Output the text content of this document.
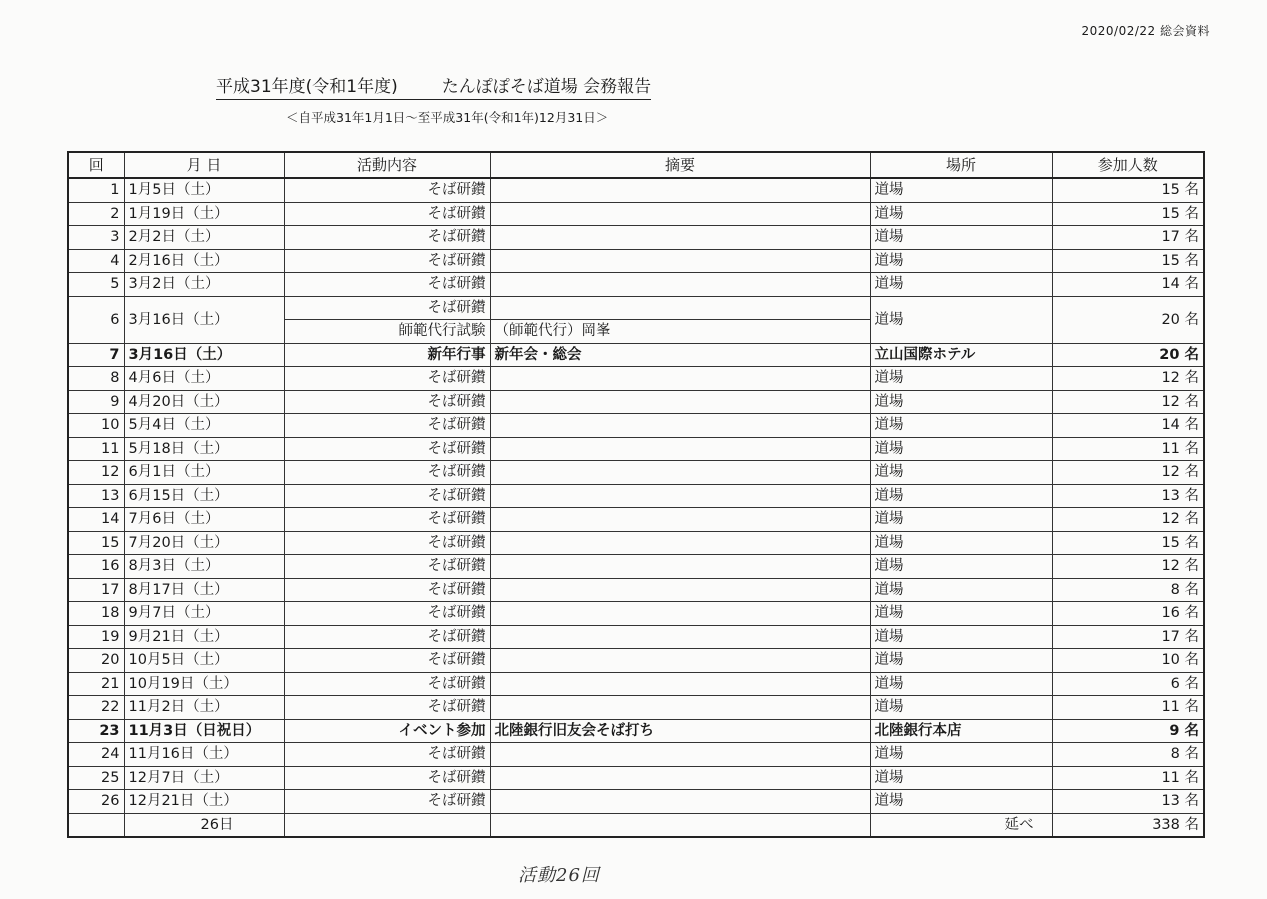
2020/02/22 総会資料
平成31年度(令和1年度)	たんぽぽそば道場 会務報告
＜自平成31年1月1日～至平成31年(令和1年)12月31日＞
回	月 日	活動内容	摘要	場所	参加人数
1	1月5日（土）	そば研鑚		道場	15 名
2	1月19日（土）	そば研鑚		道場	15 名
3	2月2日（土）	そば研鑚		道場	17 名
4	2月16日（土）	そば研鑚		道場	15 名
5	3月2日（土）	そば研鑚		道場	14 名
6	3月16日（土）	そば研鑚		道場	20 名
		師範代行試験	（師範代行）岡峯		
7	3月16日（土）	新年行事	新年会・総会	立山国際ホテル	20 名
8	4月6日（土）	そば研鑚		道場	12 名
9	4月20日（土）	そば研鑚		道場	12 名
10	5月4日（土）	そば研鑚		道場	14 名
11	5月18日（土）	そば研鑚		道場	11 名
12	6月1日（土）	そば研鑚		道場	12 名
13	6月15日（土）	そば研鑚		道場	13 名
14	7月6日（土）	そば研鑚		道場	12 名
15	7月20日（土）	そば研鑚		道場	15 名
16	8月3日（土）	そば研鑚		道場	12 名
17	8月17日（土）	そば研鑚		道場	8 名
18	9月7日（土）	そば研鑚		道場	16 名
19	9月21日（土）	そば研鑚		道場	17 名
20	10月5日（土）	そば研鑚		道場	10 名
21	10月19日（土）	そば研鑚		道場	6 名
22	11月2日（土）	そば研鑚		道場	11 名
23	11月3日（日祝日）	イベント参加	北陸銀行旧友会そば打ち	北陸銀行本店	9 名
24	11月16日（土）	そば研鑚		道場	8 名
25	12月7日（土）	そば研鑚		道場	11 名
26	12月21日（土）	そば研鑚		道場	13 名
	26日			延べ	338 名
活動26回
